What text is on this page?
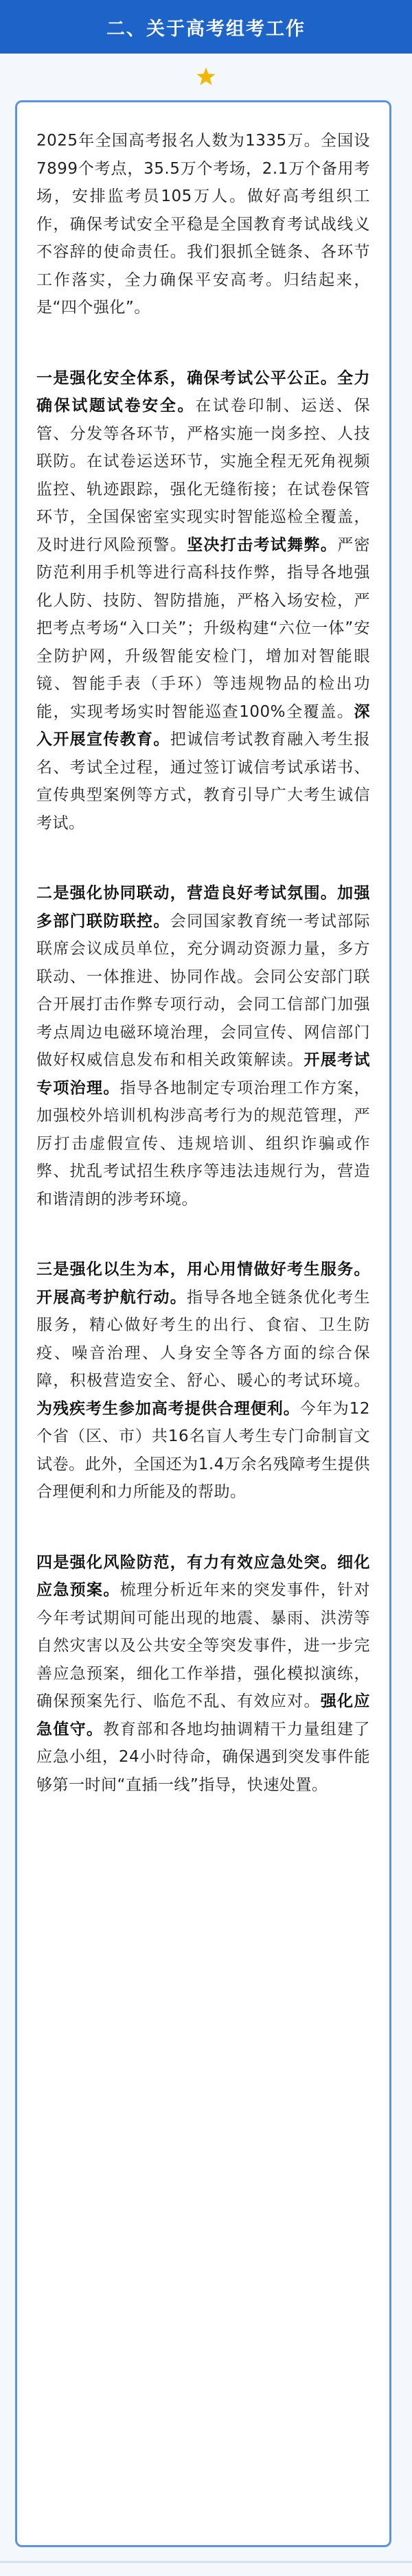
二、关于高考组考工作

2025年全国高考报名人数为1335万。全国设7899个考点，35.5万个考场，2.1万个备用考场，安排监考员105万人。做好高考组织工作，确保考试安全平稳是全国教育考试战线义不容辞的使命责任。我们狠抓全链条、各环节工作落实，全力确保平安高考。归结起来，是“四个强化”。

一是强化安全体系，确保考试公平公正。全力确保试题试卷安全。在试卷印制、运送、保管、分发等各环节，严格实施一岗多控、人技联防。在试卷运送环节，实施全程无死角视频监控、轨迹跟踪，强化无缝衔接；在试卷保管环节，全国保密室实现实时智能巡检全覆盖，及时进行风险预警。坚决打击考试舞弊。严密防范利用手机等进行高科技作弊，指导各地强化人防、技防、智防措施，严格入场安检，严把考点考场“入口关”；升级构建“六位一体”安全防护网，升级智能安检门，增加对智能眼镜、智能手表（手环）等违规物品的检出功能，实现考场实时智能巡查100%全覆盖。深入开展宣传教育。把诚信考试教育融入考生报名、考试全过程，通过签订诚信考试承诺书、宣传典型案例等方式，教育引导广大考生诚信考试。

二是强化协同联动，营造良好考试氛围。加强多部门联防联控。会同国家教育统一考试部际联席会议成员单位，充分调动资源力量，多方联动、一体推进、协同作战。会同公安部门联合开展打击作弊专项行动，会同工信部门加强考点周边电磁环境治理，会同宣传、网信部门做好权威信息发布和相关政策解读。开展考试专项治理。指导各地制定专项治理工作方案，加强校外培训机构涉高考行为的规范管理，严厉打击虚假宣传、违规培训、组织诈骗或作弊、扰乱考试招生秩序等违法违规行为，营造和谐清朗的涉考环境。

三是强化以生为本，用心用情做好考生服务。开展高考护航行动。指导各地全链条优化考生服务，精心做好考生的出行、食宿、卫生防疫、噪音治理、人身安全等各方面的综合保障，积极营造安全、舒心、暖心的考试环境。为残疾考生参加高考提供合理便利。今年为12个省（区、市）共16名盲人考生专门命制盲文试卷。此外，全国还为1.4万余名残障考生提供合理便利和力所能及的帮助。

四是强化风险防范，有力有效应急处突。细化应急预案。梳理分析近年来的突发事件，针对今年考试期间可能出现的地震、暴雨、洪涝等自然灾害以及公共安全等突发事件，进一步完善应急预案，细化工作举措，强化模拟演练，确保预案先行、临危不乱、有效应对。强化应急值守。教育部和各地均抽调精干力量组建了应急小组，24小时待命，确保遇到突发事件能够第一时间“直插一线”指导，快速处置。
